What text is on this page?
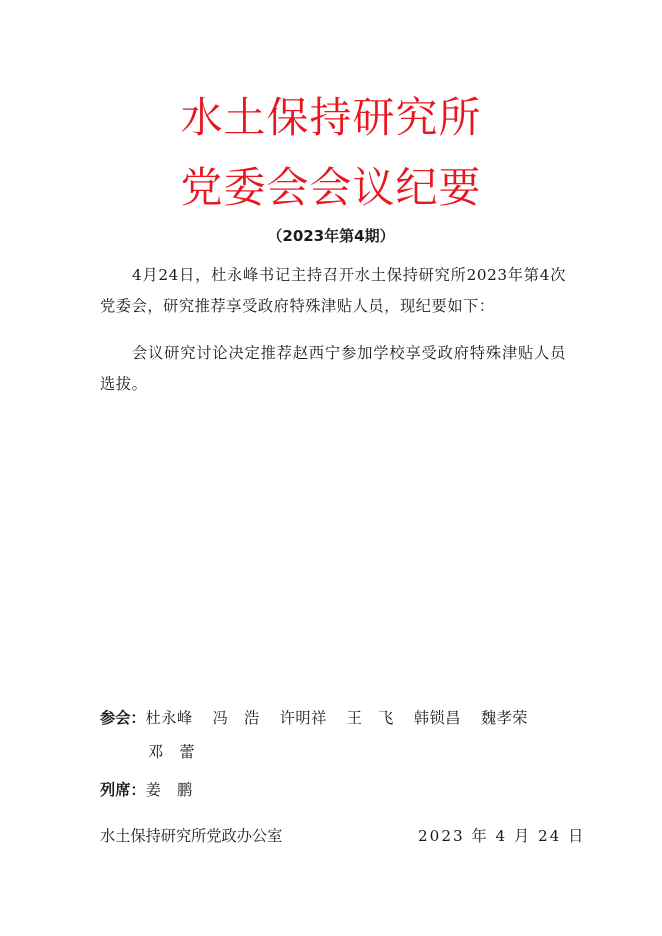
水土保持研究所
党委会会议纪要
（2023年第4期）

4月24日，杜永峰书记主持召开水土保持研究所2023年第4次党委会，研究推荐享受政府特殊津贴人员，现纪要如下：

会议研究讨论决定推荐赵西宁参加学校享受政府特殊津贴人员选拔。

参会：杜永峰 冯　浩 许明祥 王　飞 韩锁昌 魏孝荣
邓　蕾
列席：姜　鹏
水土保持研究所党政办公室	2023 年 4 月 24 日
